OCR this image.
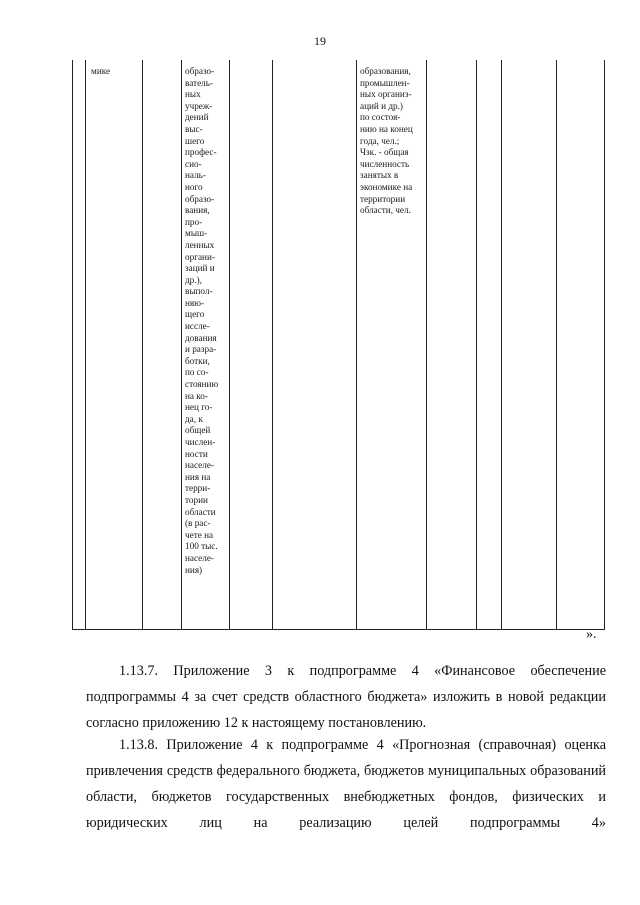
19
мике	образо-
ватель-
ных
учреж-
дений
выс-
шего
профес-
сио-
наль-
ного
образо-
вания,
про-
мыш-
ленных
органи-
заций и
др.),
выпол-
няю-
щего
иссле-
дования
и разра-
ботки,
по со-
стоянию
на ко-
нец го-
да, к
общей
числен-
ности
населе-
ния на
терри-
тории
области
(в рас-
чете на
100 тыс.
населе-
ния)
образования,
промышлен-
ных организ-
аций и др.)
по состоя-
нию на конец
года, чел.;
Чзк. - общая
численность
занятых в
экономике на
территории
области, чел.
».

1.13.7. Приложение 3 к подпрограмме 4 «Финансовое обеспечение подпрограммы 4 за счет средств областного бюджета» изложить в новой редакции согласно приложению 12 к настоящему постановлению.

1.13.8. Приложение 4 к подпрограмме 4 «Прогнозная (справочная) оценка привлечения средств федерального бюджета, бюджетов муниципальных образований области, бюджетов государственных внебюджетных фондов, физических и юридических лиц на реализацию целей подпрограммы 4»
